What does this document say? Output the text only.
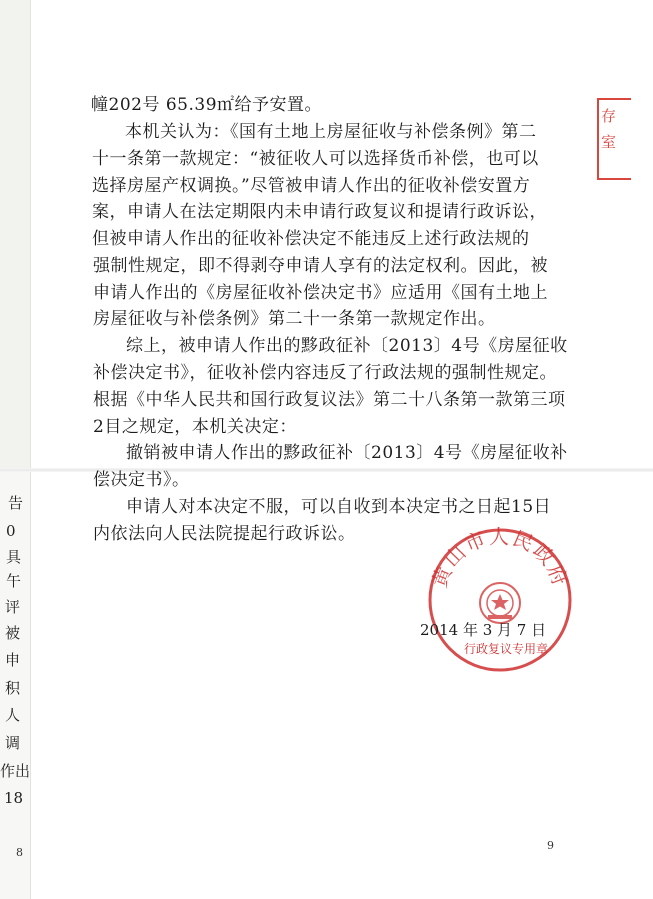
告
0
具
午
评
被
申
积
人
调
作出
18
8
幢202号 65.39㎡给予安置。
本机关认为：《国有土地上房屋征收与补偿条例》第二
十一条第一款规定：“被征收人可以选择货币补偿，也可以
选择房屋产权调换。”尽管被申请人作出的征收补偿安置方
案，申请人在法定期限内未申请行政复议和提请行政诉讼，
但被申请人作出的征收补偿决定不能违反上述行政法规的
强制性规定，即不得剥夺申请人享有的法定权利。因此，被
申请人作出的《房屋征收补偿决定书》应适用《国有土地上
房屋征收与补偿条例》第二十一条第一款规定作出。
综上，被申请人作出的黟政征补〔2013〕4号《房屋征收
补偿决定书》，征收补偿内容违反了行政法规的强制性规定。
根据《中华人民共和国行政复议法》第二十八条第一款第三项
2目之规定，本机关决定：
撤销被申请人作出的黟政征补〔2013〕4号《房屋征收补
偿决定书》。
申请人对本决定不服，可以自收到本决定书之日起15日
内依法向人民法院提起行政诉讼。
存
室
黄山市人民政府
2014 年 3 月 7 日
行政复议专用章
9
